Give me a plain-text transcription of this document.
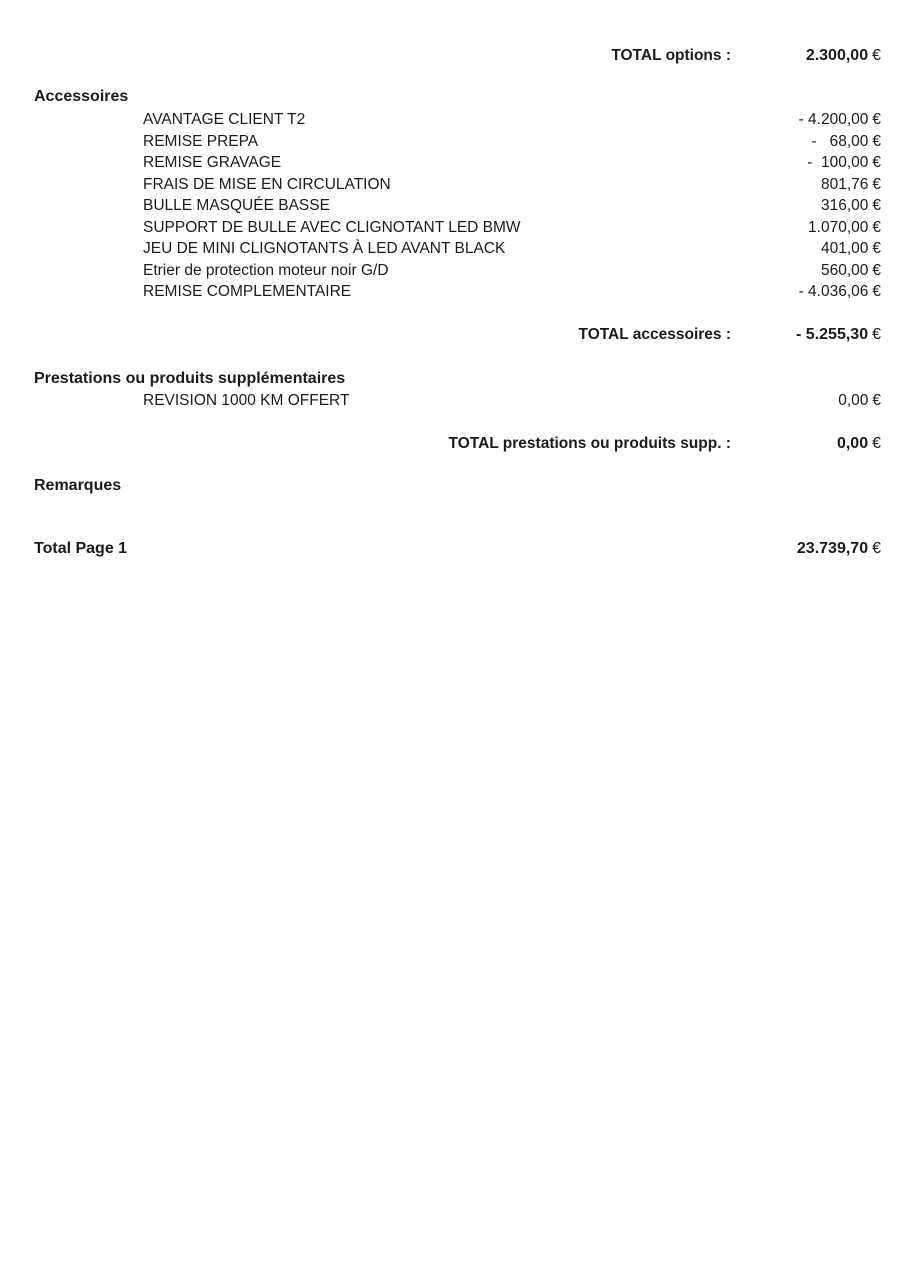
TOTAL options :	2.300,00 €
Accessoires
AVANTAGE CLIENT T2	- 4.200,00 €
REMISE PREPA	-   68,00 €
REMISE GRAVAGE	-  100,00 €
FRAIS DE MISE EN CIRCULATION	801,76 €
BULLE MASQUÉE BASSE	316,00 €
SUPPORT DE BULLE AVEC CLIGNOTANT LED BMW	1.070,00 €
JEU DE MINI CLIGNOTANTS À LED AVANT BLACK	401,00 €
Etrier de protection moteur noir G/D	560,00 €
REMISE COMPLEMENTAIRE	- 4.036,06 €
TOTAL accessoires :	- 5.255,30 €
Prestations ou produits supplémentaires
REVISION 1000 KM OFFERT	0,00 €
TOTAL prestations ou produits supp. :	0,00 €
Remarques
Total Page 1	23.739,70 €
